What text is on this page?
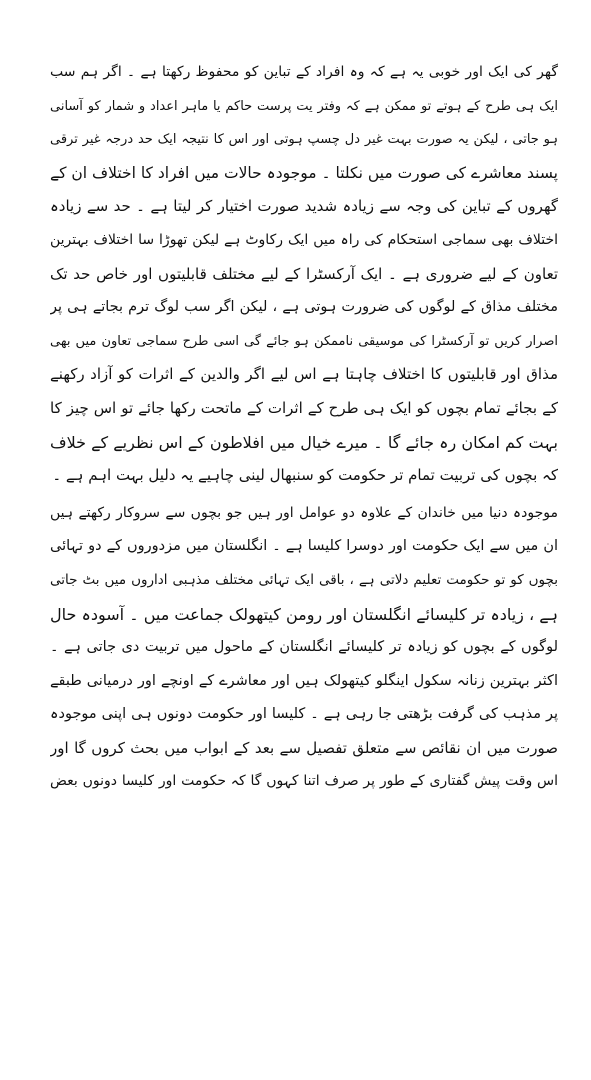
گھر کی ایک اور خوبی یہ ہے کہ وہ افراد کے تباین کو محفوظ رکھتا ہے ۔ اگر ہم سب

ایک ہی طرح کے ہوتے تو ممکن ہے کہ وفتر یت پرست حاکم یا ماہر اعداد و شمار کو آسانی

ہو جاتی ، لیکن یہ صورت بہت غیر دل چسپ ہوتی اور اس کا نتیجہ ایک حد درجہ غیر ترقی

پسند معاشرے کی صورت میں نکلتا ۔ موجودہ حالات میں افراد کا اختلاف ان کے

گھروں کے تباین کی وجہ سے زیادہ شدید صورت اختیار کر لیتا ہے ۔ حد سے زیادہ

اختلاف بھی سماجی استحکام کی راہ میں ایک رکاوٹ ہے لیکن تھوڑا سا اختلاف بہترین

تعاون کے لیے ضروری ہے ۔ ایک آرکسٹرا کے لیے مختلف قابلیتوں اور خاص حد تک

مختلف مذاق کے لوگوں کی ضرورت ہوتی ہے ، لیکن اگر سب لوگ ترم بجاتے ہی پر

اصرار کریں تو آرکسٹرا کی موسیقی ناممکن ہو جائے گی اسی طرح سماجی تعاون میں بھی

مذاق اور قابلیتوں کا اختلاف چاہتا ہے اس لیے اگر والدین کے اثرات کو آزاد رکھنے

کے بجائے تمام بچوں کو ایک ہی طرح کے اثرات کے ماتحت رکھا جائے تو اس چیز کا

بہت کم امکان رہ جائے گا ۔ میرے خیال میں افلاطون کے اس نظریے کے خلاف

کہ بچوں کی تربیت تمام تر حکومت کو سنبھال لینی چاہیے یہ دلیل بہت اہم ہے ۔

موجودہ دنیا میں خاندان کے علاوہ دو عوامل اور ہیں جو بچوں سے سروکار رکھتے ہیں

ان میں سے ایک حکومت اور دوسرا کلیسا ہے ۔ انگلستان میں مزدوروں کے دو تہائی

بچوں کو تو حکومت تعلیم دلاتی ہے ، باقی ایک تہائی مختلف مذہبی اداروں میں بٹ جاتی

ہے ، زیادہ تر کلیسائے انگلستان اور رومن کیتھولک جماعت میں ۔ آسودہ حال

لوگوں کے بچوں کو زیادہ تر کلیسائے انگلستان کے ماحول میں تربیت دی جاتی ہے ۔

اکثر بہترین زنانہ سکول اینگلو کیتھولک ہیں اور معاشرے کے اونچے اور درمیانی طبقے

پر مذہب کی گرفت بڑھتی جا رہی ہے ۔ کلیسا اور حکومت دونوں ہی اپنی موجودہ

صورت میں ان نقائص سے متعلق تفصیل سے بعد کے ابواب میں بحث کروں گا اور

اس وقت پیش گفتاری کے طور پر صرف اتنا کہوں گا کہ حکومت اور کلیسا دونوں بعض
